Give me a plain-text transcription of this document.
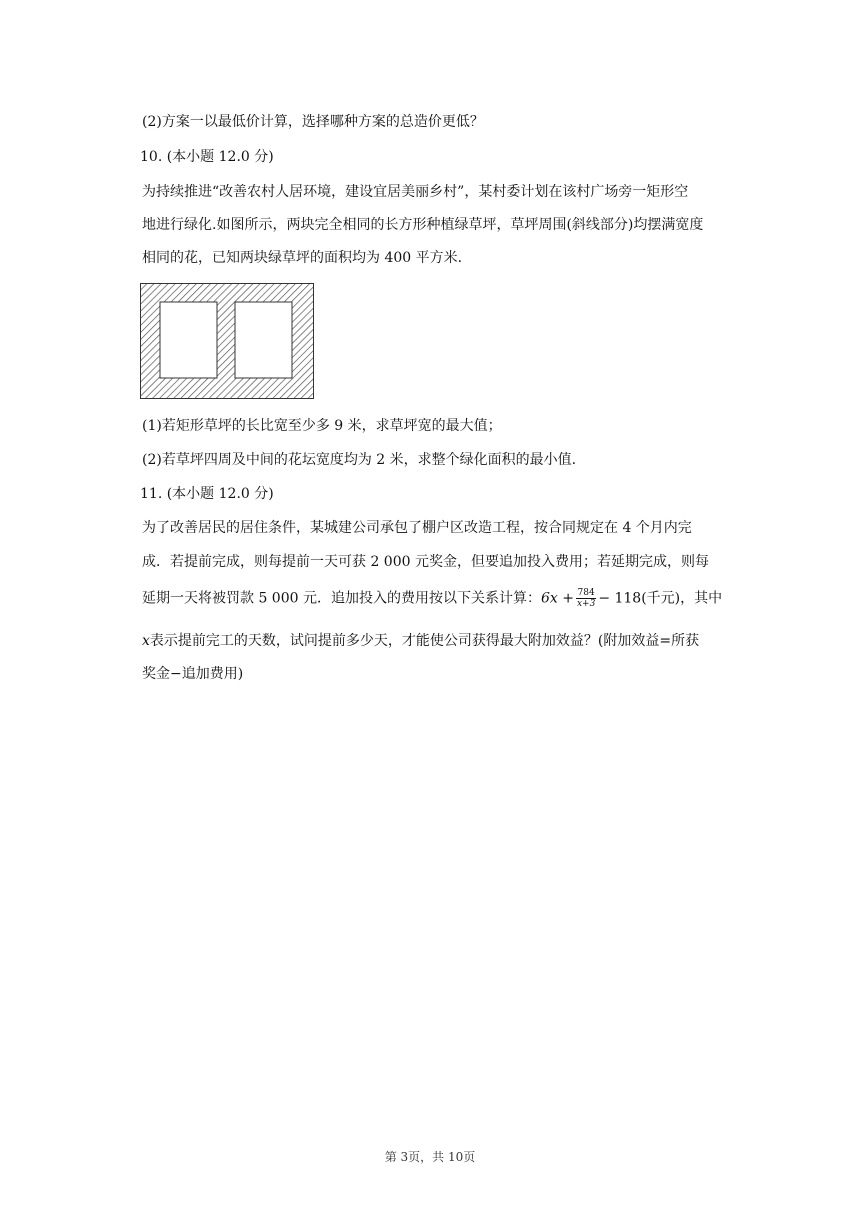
(2)方案一以最低价计算，选择哪种方案的总造价更低？
10. (本小题 12.0 分)
为持续推进“改善农村人居环境，建设宜居美丽乡村”，某村委计划在该村广场旁一矩形空
地进行绿化.如图所示，两块完全相同的长方形种植绿草坪，草坪周围(斜线部分)均摆满宽度
相同的花，已知两块绿草坪的面积均为 400 平方米.
(1)若矩形草坪的长比宽至少多 9 米，求草坪宽的最大值；
(2)若草坪四周及中间的花坛宽度均为 2 米，求整个绿化面积的最小值.
11. (本小题 12.0 分)
为了改善居民的居住条件，某城建公司承包了棚户区改造工程，按合同规定在 4 个月内完
成．若提前完成，则每提前一天可获 2 000 元奖金，但要追加投入费用；若延期完成，则每
延期一天将被罚款 5 000 元．追加投入的费用按以下关系计算：6𝑥 + $\frac{784}{\text{𝑥+3}} - 118$(千元)，其中
𝑥表示提前完工的天数，试问提前多少天，才能使公司获得最大附加效益？(附加效益=所获
奖金−追加费用)
第 3页，共 10页
